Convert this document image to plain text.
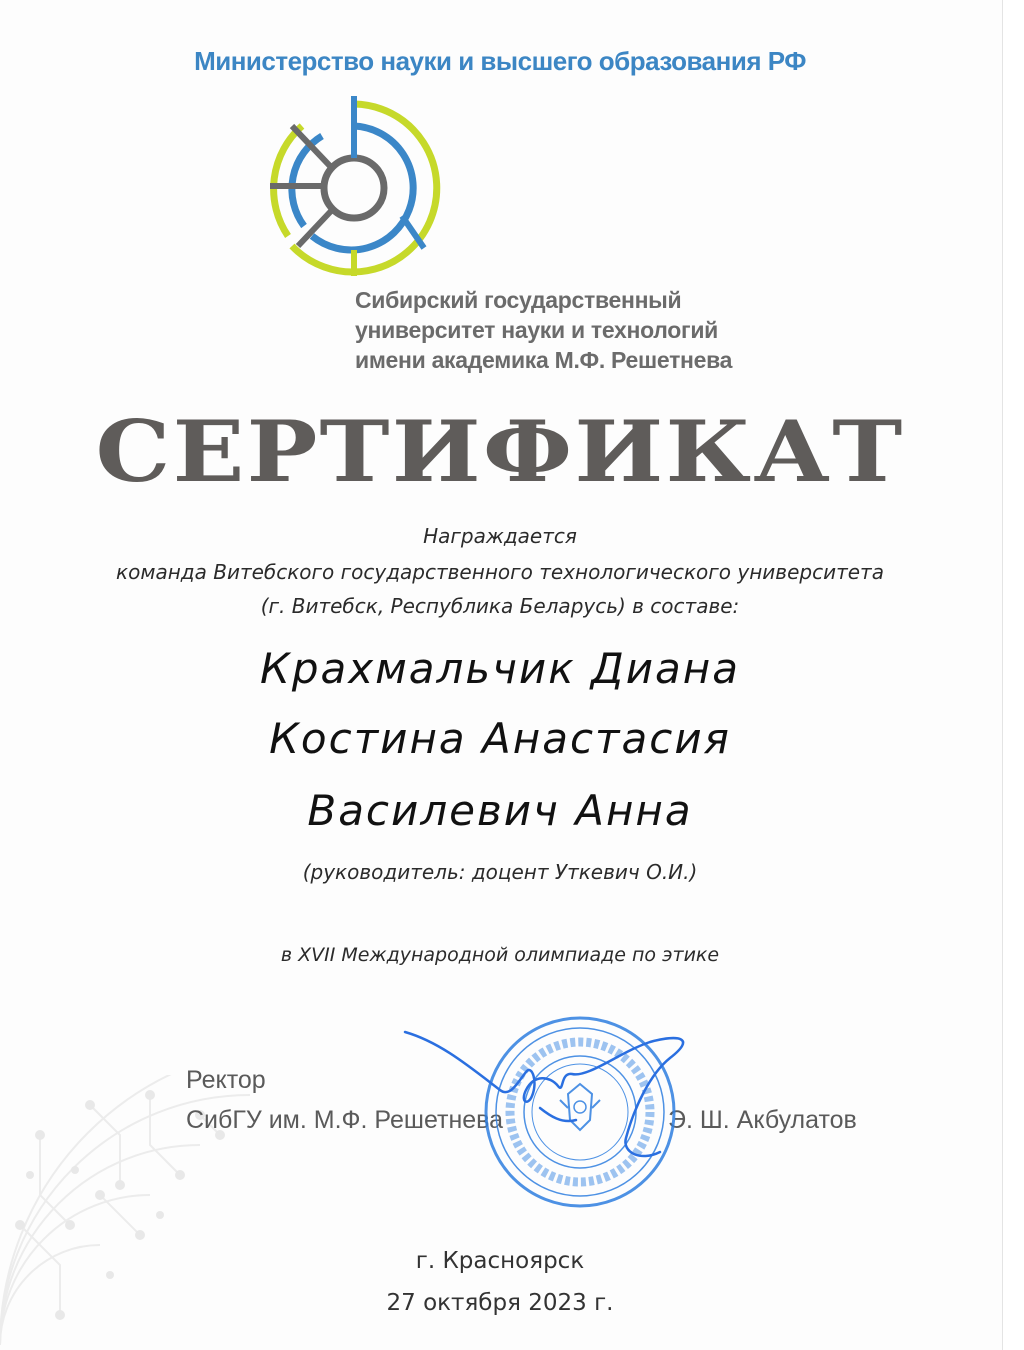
Министерство науки и высшего образования РФ
Сибирский государственный
университет науки и технологий
имени академика М.Ф. Решетнева
СЕРТИФИКАТ
Награждается
команда Витебского государственного технологического университета
(г. Витебск, Республика Беларусь) в составе:
Крахмальчик Диана
Костина Анастасия
Василевич Анна
(руководитель: доцент Уткевич О.И.)
в XVII Международной олимпиаде по этике
Ректор
СибГУ им. М.Ф. Решетнева	Э. Ш. Акбулатов
г. Красноярск
27 октября 2023 г.
